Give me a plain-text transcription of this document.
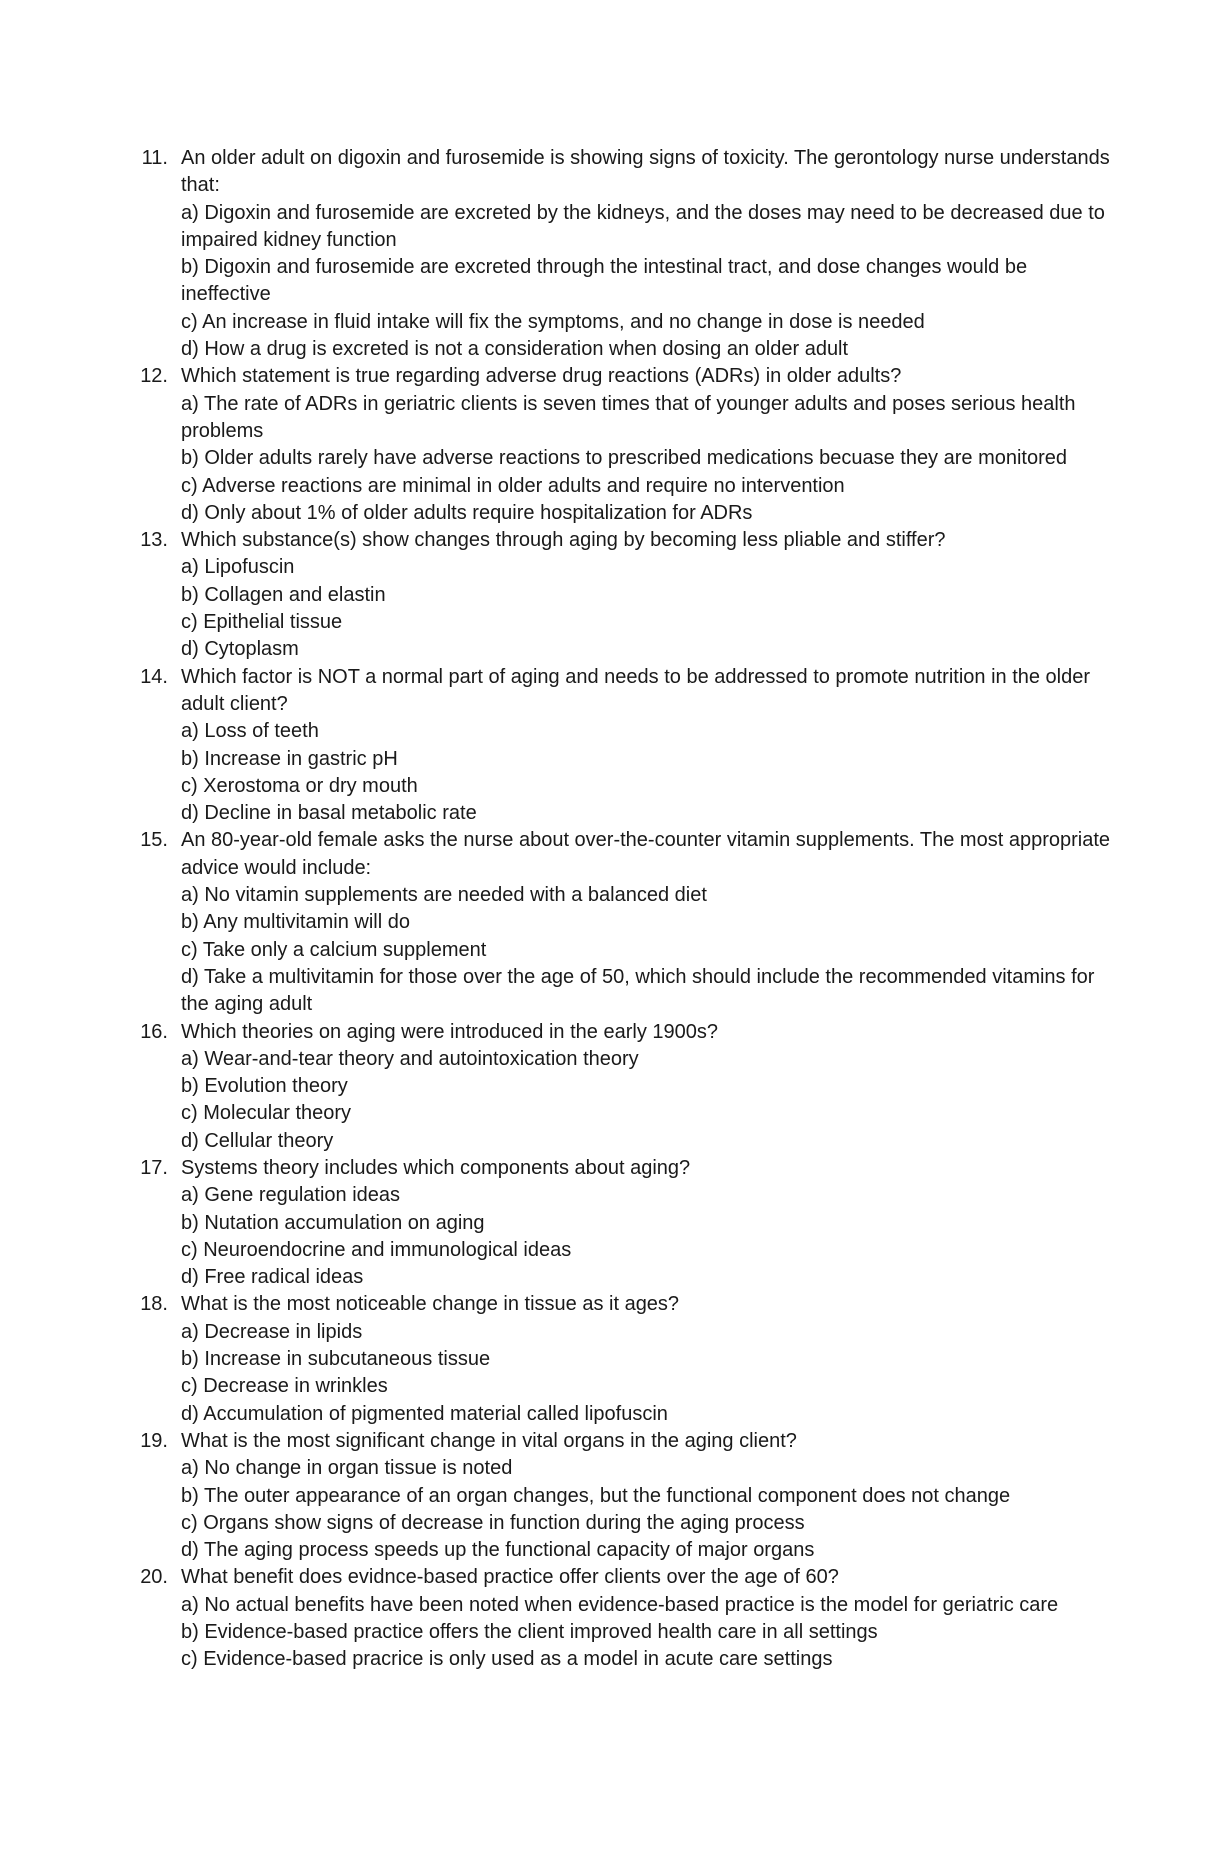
11. An older adult on digoxin and furosemide is showing signs of toxicity. The gerontology nurse understands that:
a) Digoxin and furosemide are excreted by the kidneys, and the doses may need to be decreased due to impaired kidney function
b) Digoxin and furosemide are excreted through the intestinal tract, and dose changes would be ineffective
c) An increase in fluid intake will fix the symptoms, and no change in dose is needed
d) How a drug is excreted is not a consideration when dosing an older adult
12. Which statement is true regarding adverse drug reactions (ADRs) in older adults?
a) The rate of ADRs in geriatric clients is seven times that of younger adults and poses serious health problems
b) Older adults rarely have adverse reactions to prescribed medications becuase they are monitored
c) Adverse reactions are minimal in older adults and require no intervention
d) Only about 1% of older adults require hospitalization for ADRs
13. Which substance(s) show changes through aging by becoming less pliable and stiffer?
a) Lipofuscin
b) Collagen and elastin
c) Epithelial tissue
d) Cytoplasm
14. Which factor is NOT a normal part of aging and needs to be addressed to promote nutrition in the older adult client?
a) Loss of teeth
b) Increase in gastric pH
c) Xerostoma or dry mouth
d) Decline in basal metabolic rate
15. An 80-year-old female asks the nurse about over-the-counter vitamin supplements. The most appropriate advice would include:
a) No vitamin supplements are needed with a balanced diet
b) Any multivitamin will do
c) Take only a calcium supplement
d) Take a multivitamin for those over the age of 50, which should include the recommended vitamins for the aging adult
16. Which theories on aging were introduced in the early 1900s?
a) Wear-and-tear theory and autointoxication theory
b) Evolution theory
c) Molecular theory
d) Cellular theory
17. Systems theory includes which components about aging?
a) Gene regulation ideas
b) Nutation accumulation on aging
c) Neuroendocrine and immunological ideas
d) Free radical ideas
18. What is the most noticeable change in tissue as it ages?
a) Decrease in lipids
b) Increase in subcutaneous tissue
c) Decrease in wrinkles
d) Accumulation of pigmented material called lipofuscin
19. What is the most significant change in vital organs in the aging client?
a) No change in organ tissue is noted
b) The outer appearance of an organ changes, but the functional component does not change
c) Organs show signs of decrease in function during the aging process
d) The aging process speeds up the functional capacity of major organs
20. What benefit does evidnce-based practice offer clients over the age of 60?
a) No actual benefits have been noted when evidence-based practice is the model for geriatric care
b) Evidence-based practice offers the client improved health care in all settings
c) Evidence-based pracrice is only used as a model in acute care settings
